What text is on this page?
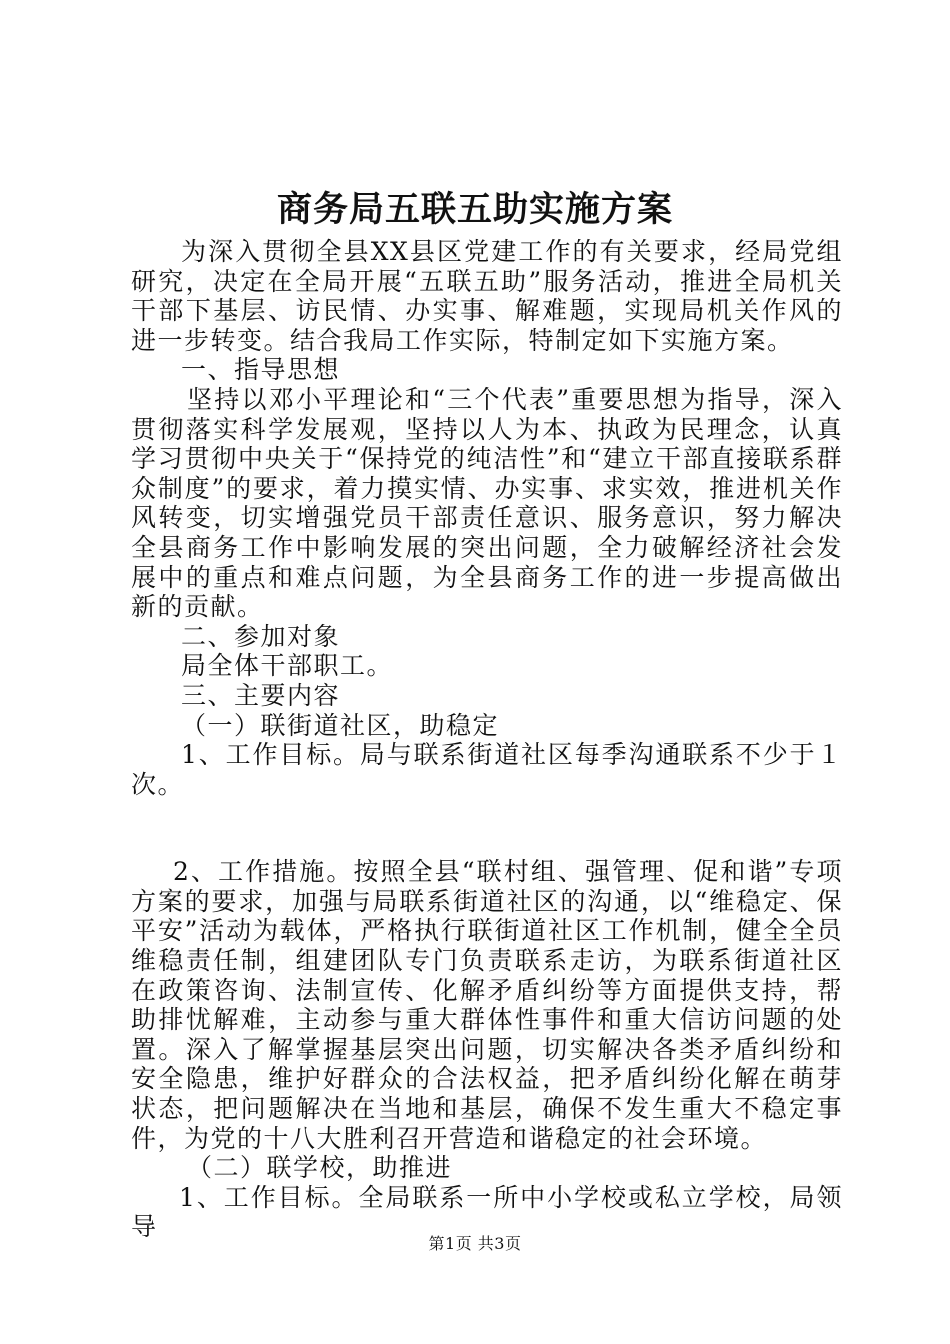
商务局五联五助实施方案

为深入贯彻全县XX县区党建工作的有关要求，经局党组研究，决定在全局开展“五联五助”服务活动，推进全局机关干部下基层、访民情、办实事、解难题，实现局机关作风的进一步转变。结合我局工作实际，特制定如下实施方案。

一、指导思想

坚持以邓小平理论和“三个代表”重要思想为指导，深入贯彻落实科学发展观，坚持以人为本、执政为民理念，认真学习贯彻中央关于“保持党的纯洁性”和“建立干部直接联系群众制度”的要求，着力摸实情、办实事、求实效，推进机关作风转变，切实增强党员干部责任意识、服务意识，努力解决全县商务工作中影响发展的突出问题，全力破解经济社会发展中的重点和难点问题，为全县商务工作的进一步提高做出新的贡献。

二、参加对象

局全体干部职工。

三、主要内容

（一）联街道社区，助稳定

1、工作目标。局与联系街道社区每季沟通联系不少于１次。

2、工作措施。按照全县“联村组、强管理、促和谐”专项方案的要求，加强与局联系街道社区的沟通，以“维稳定、保平安”活动为载体，严格执行联街道社区工作机制，健全全员维稳责任制，组建团队专门负责联系走访，为联系街道社区在政策咨询、法制宣传、化解矛盾纠纷等方面提供支持，帮助排忧解难，主动参与重大群体性事件和重大信访问题的处置。深入了解掌握基层突出问题，切实解决各类矛盾纠纷和安全隐患，维护好群众的合法权益，把矛盾纠纷化解在萌芽状态，把问题解决在当地和基层，确保不发生重大不稳定事件，为党的十八大胜利召开营造和谐稳定的社会环境。

（二）联学校，助推进

1、工作目标。全局联系一所中小学校或私立学校，局领导

第1页 共3页
